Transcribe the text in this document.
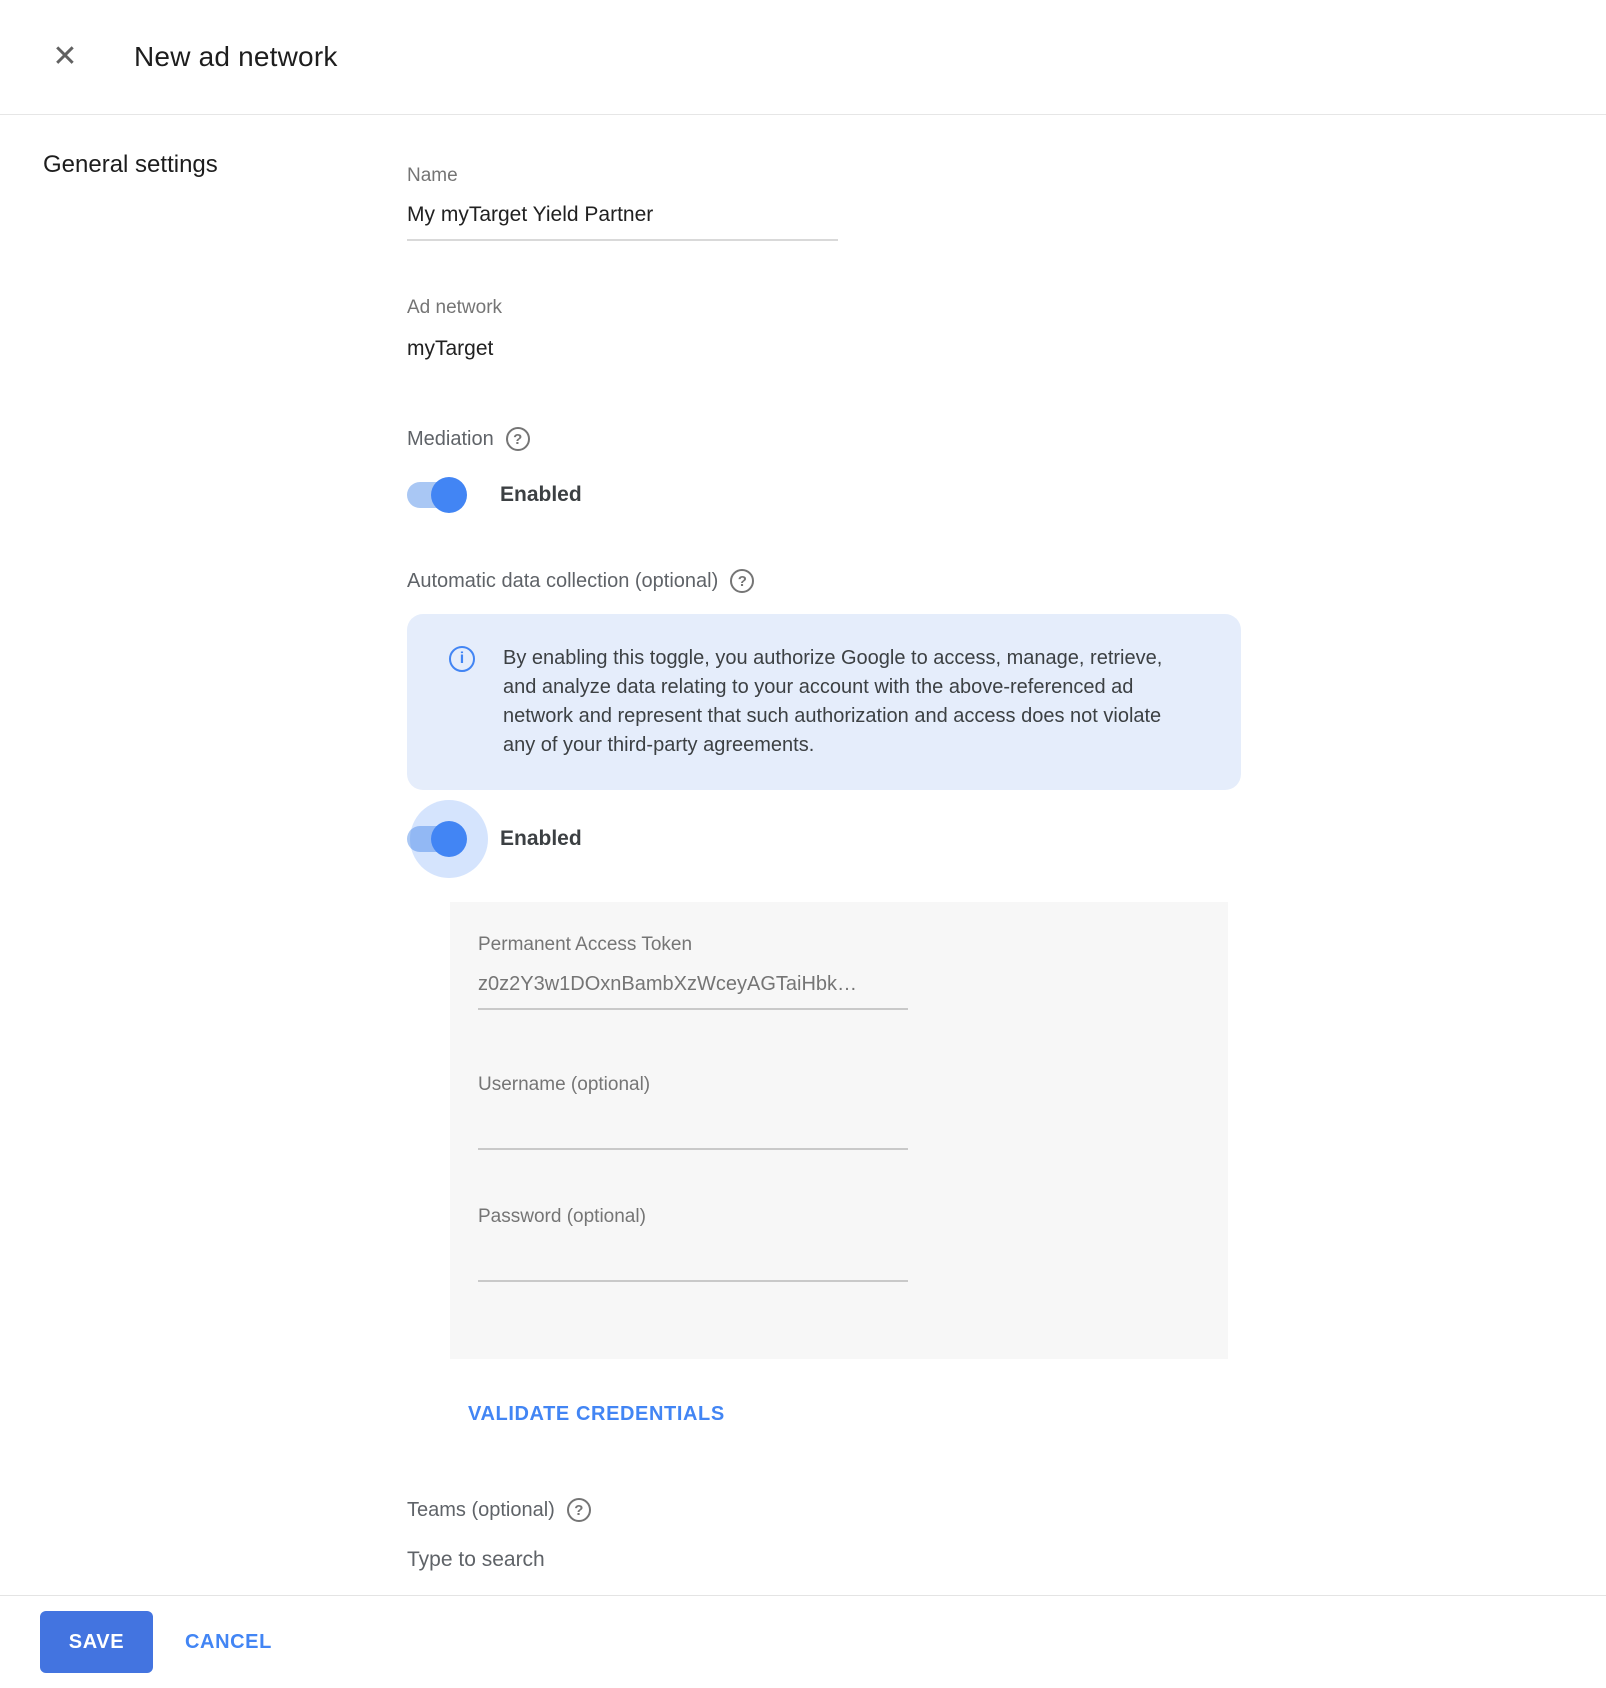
✕ New ad network
General settings	Name
My myTarget Yield Partner
Ad network
myTarget
Mediation ?
Enabled
Automatic data collection (optional) ?
i By enabling this toggle, you authorize Google to access, manage, retrieve, and analyze data relating to your account with the above-referenced ad network and represent that such authorization and access does not violate any of your third-party agreements.

Enabled
Permanent Access Token
z0z2Y3w1DOxnBambXzWceyAGTaiHbk…
Username (optional)
Password (optional)
VALIDATE CREDENTIALS
Teams (optional) ?
Type to search
SAVE	CANCEL
